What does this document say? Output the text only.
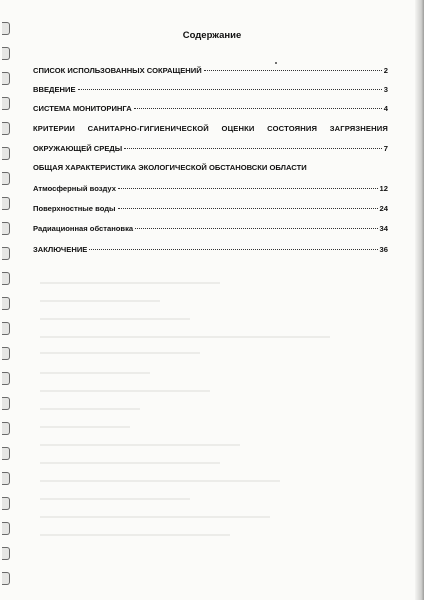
Содержание
СПИСОК ИСПОЛЬЗОВАННЫХ СОКРАЩЕНИЙ	2
ВВЕДЕНИЕ	3
СИСТЕМА МОНИТОРИНГА	4
КРИТЕРИИ САНИТАРНО-ГИГИЕНИЧЕСКОЙ ОЦЕНКИ СОСТОЯНИЯ ЗАГРЯЗНЕНИЯ
ОКРУЖАЮЩЕЙ СРЕДЫ	7
ОБЩАЯ ХАРАКТЕРИСТИКА ЭКОЛОГИЧЕСКОЙ ОБСТАНОВСКИ ОБЛАСТИ
Атмосферный воздух	12
Поверхностные воды	24
Радиационная обстановка	34
ЗАКЛЮЧЕНИЕ	36
